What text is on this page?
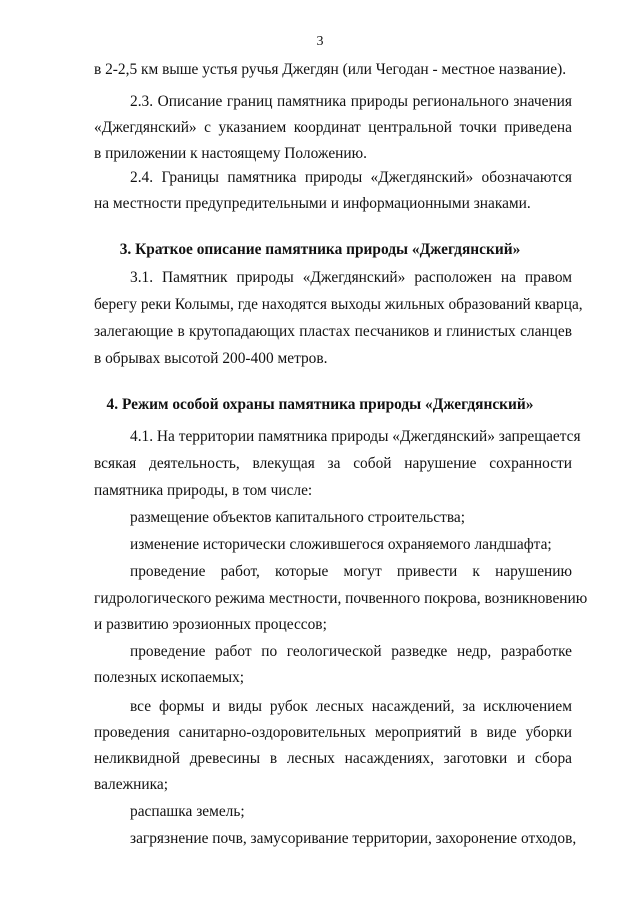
3
в 2-2,5 км выше устья ручья Джегдян (или Чегодан - местное название).
2.3. Описание границ памятника природы регионального значения
«Джегдянский» с указанием координат центральной точки приведена
в приложении к настоящему Положению.
2.4. Границы памятника природы «Джегдянский» обозначаются
на местности предупредительными и информационными знаками.
3. Краткое описание памятника природы «Джегдянский»
3.1. Памятник природы «Джегдянский» расположен на правом
берегу реки Колымы, где находятся выходы жильных образований кварца,
залегающие в крутопадающих пластах песчаников и глинистых сланцев
в обрывах высотой 200-400 метров.
4. Режим особой охраны памятника природы «Джегдянский»
4.1. На территории памятника природы «Джегдянский» запрещается
всякая деятельность, влекущая за собой нарушение сохранности
памятника природы, в том числе:
размещение объектов капитального строительства;
изменение исторически сложившегося охраняемого ландшафта;
проведение работ, которые могут привести к нарушению
гидрологического режима местности, почвенного покрова, возникновению
и развитию эрозионных процессов;
проведение работ по геологической разведке недр, разработке
полезных ископаемых;
все формы и виды рубок лесных насаждений, за исключением
проведения санитарно-оздоровительных мероприятий в виде уборки
неликвидной древесины в лесных насаждениях, заготовки и сбора
валежника;
распашка земель;
загрязнение почв, замусоривание территории, захоронение отходов,
